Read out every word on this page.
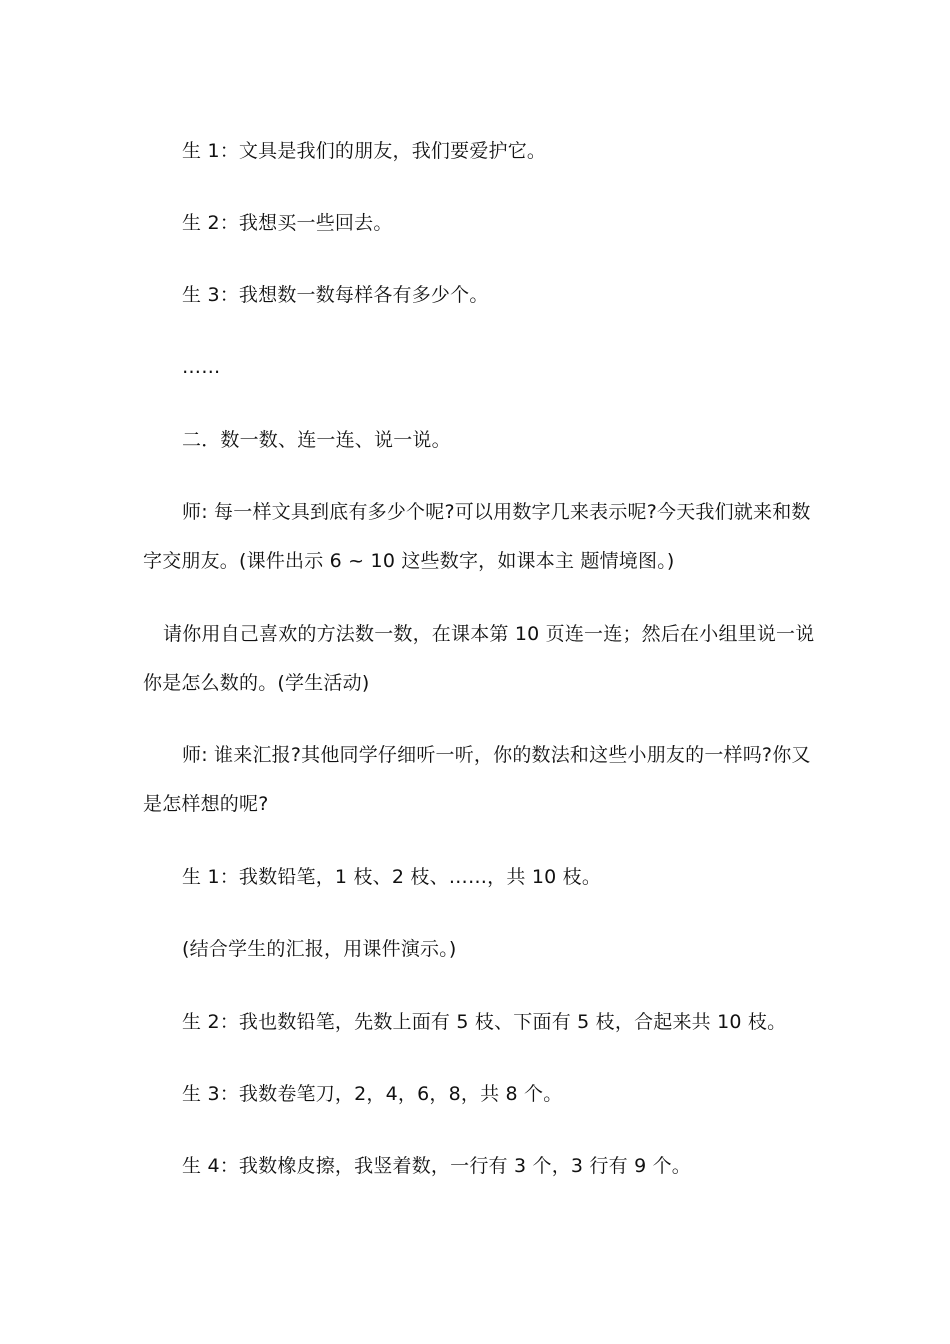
生 1：文具是我们的朋友，我们要爱护它。
生 2：我想买一些回去。
生 3：我想数一数每样各有多少个。
……
二．数一数、连一连、说一说。
师: 每一样文具到底有多少个呢?可以用数字几来表示呢?今天我们就来和数
字交朋友。(课件出示 6 ~ 10 这些数字，如课本主 题情境图。)
请你用自己喜欢的方法数一数，在课本第 10 页连一连；然后在小组里说一说
你是怎么数的。(学生活动)
师: 谁来汇报?其他同学仔细听一听，你的数法和这些小朋友的一样吗?你又
是怎样想的呢?
生 1：我数铅笔，1 枝、2 枝、……，共 10 枝。
(结合学生的汇报，用课件演示。)
生 2：我也数铅笔，先数上面有 5 枝、下面有 5 枝，合起来共 10 枝。
生 3：我数卷笔刀，2，4，6，8，共 8 个。
生 4：我数橡皮擦，我竖着数，一行有 3 个，3 行有 9 个。
